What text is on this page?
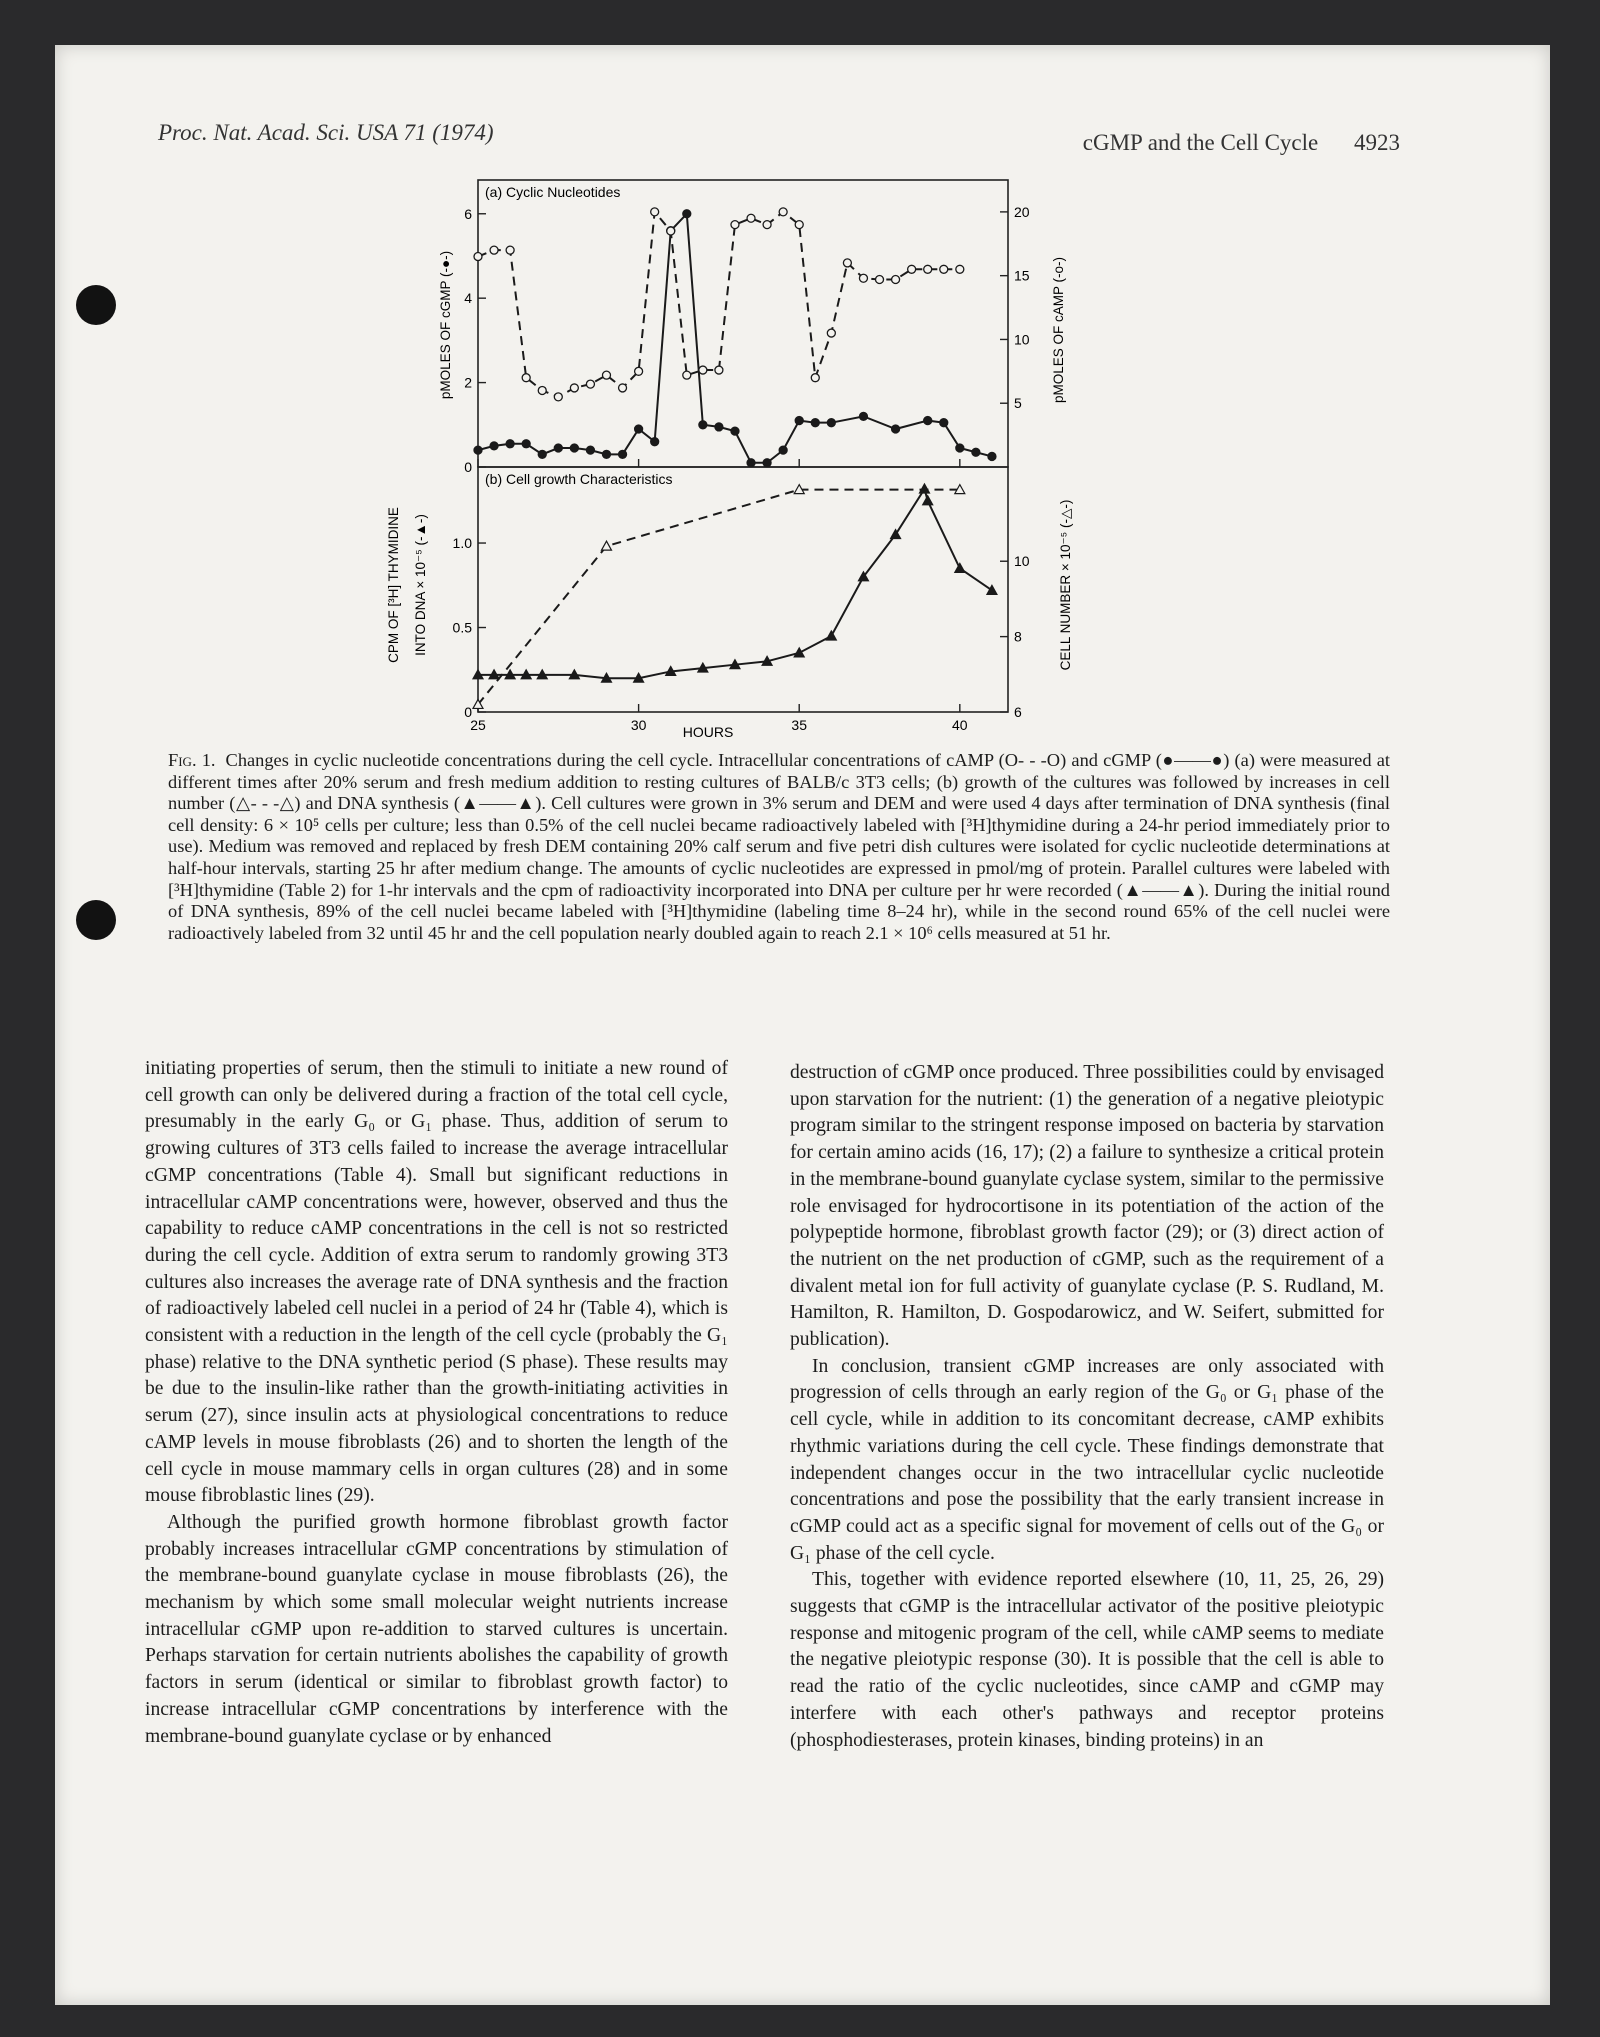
Proc. Nat. Acad. Sci. USA 71 (1974)	cGMP and the Cell Cycle 4923
(a) Cyclic Nucleotides
(b) Cell growth Characteristics
HOURS
pMOLES OF cGMP (-●-)	pMOLES OF cAMP (-o-)
CPM OF [³H] THYMIDINE INTO DNA × 10⁻⁵ (-▲-)	CELL NUMBER × 10⁻⁵ (-△-)
0
2
4
6
5
10
15
20
0
0.5
1.0
6
8
10
25	30	35	40
Fig. 1. Changes in cyclic nucleotide concentrations during the cell cycle. Intracellular concentrations of cAMP (O- - -O) and cGMP (●——●) (a) were measured at different times after 20% serum and fresh medium addition to resting cultures of BALB/c 3T3 cells; (b) growth of the cultures was followed by increases in cell number (△- - -△) and DNA synthesis (▲——▲). Cell cultures were grown in 3% serum and DEM and were used 4 days after termination of DNA synthesis (final cell density: 6 × 10⁵ cells per culture; less than 0.5% of the cell nuclei became radioactively labeled with [³H]thymidine during a 24-hr period immediately prior to use). Medium was removed and replaced by fresh DEM containing 20% calf serum and five petri dish cultures were isolated for cyclic nucleotide determinations at half-hour intervals, starting 25 hr after medium change. The amounts of cyclic nucleotides are expressed in pmol/mg of protein. Parallel cultures were labeled with [³H]thymidine (Table 2) for 1-hr intervals and the cpm of radioactivity incorporated into DNA per culture per hr were recorded (▲——▲). During the initial round of DNA synthesis, 89% of the cell nuclei became labeled with [³H]thymidine (labeling time 8–24 hr), while in the second round 65% of the cell nuclei were radioactively labeled from 32 until 45 hr and the cell population nearly doubled again to reach 2.1 × 10⁶ cells measured at 51 hr.

initiating properties of serum, then the stimuli to initiate a new round of cell growth can only be delivered during a fraction of the total cell cycle, presumably in the early G₀ or G₁ phase. Thus, addition of serum to growing cultures of 3T3 cells failed to increase the average intracellular cGMP concentrations (Table 4). Small but significant reductions in intracellular cAMP concentrations were, however, observed and thus the capability to reduce cAMP concentrations in the cell is not so restricted during the cell cycle. Addition of extra serum to randomly growing 3T3 cultures also increases the average rate of DNA synthesis and the fraction of radioactively labeled cell nuclei in a period of 24 hr (Table 4), which is consistent with a reduction in the length of the cell cycle (probably the G₁ phase) relative to the DNA synthetic period (S phase). These results may be due to the insulin-like rather than the growth-initiating activities in serum (27), since insulin acts at physiological concentrations to reduce cAMP levels in mouse fibroblasts (26) and to shorten the length of the cell cycle in mouse mammary cells in organ cultures (28) and in some mouse fibroblastic lines (29).

Although the purified growth hormone fibroblast growth factor probably increases intracellular cGMP concentrations by stimulation of the membrane-bound guanylate cyclase in mouse fibroblasts (26), the mechanism by which some small molecular weight nutrients increase intracellular cGMP upon re-addition to starved cultures is uncertain. Perhaps starvation for certain nutrients abolishes the capability of growth factors in serum (identical or similar to fibroblast growth factor) to increase intracellular cGMP concentrations by interference with the membrane-bound guanylate cyclase or by enhanced

destruction of cGMP once produced. Three possibilities could by envisaged upon starvation for the nutrient: (1) the generation of a negative pleiotypic program similar to the stringent response imposed on bacteria by starvation for certain amino acids (16, 17); (2) a failure to synthesize a critical protein in the membrane-bound guanylate cyclase system, similar to the permissive role envisaged for hydrocortisone in its potentiation of the action of the polypeptide hormone, fibroblast growth factor (29); or (3) direct action of the nutrient on the net production of cGMP, such as the requirement of a divalent metal ion for full activity of guanylate cyclase (P. S. Rudland, M. Hamilton, R. Hamilton, D. Gospodarowicz, and W. Seifert, submitted for publication).

In conclusion, transient cGMP increases are only associated with progression of cells through an early region of the G₀ or G₁ phase of the cell cycle, while in addition to its concomitant decrease, cAMP exhibits rhythmic variations during the cell cycle. These findings demonstrate that independent changes occur in the two intracellular cyclic nucleotide concentrations and pose the possibility that the early transient increase in cGMP could act as a specific signal for movement of cells out of the G₀ or G₁ phase of the cell cycle.

This, together with evidence reported elsewhere (10, 11, 25, 26, 29) suggests that cGMP is the intracellular activator of the positive pleiotypic response and mitogenic program of the cell, while cAMP seems to mediate the negative pleiotypic response (30). It is possible that the cell is able to read the ratio of the cyclic nucleotides, since cAMP and cGMP may interfere with each other's pathways and receptor proteins (phosphodiesterases, protein kinases, binding proteins) in an
